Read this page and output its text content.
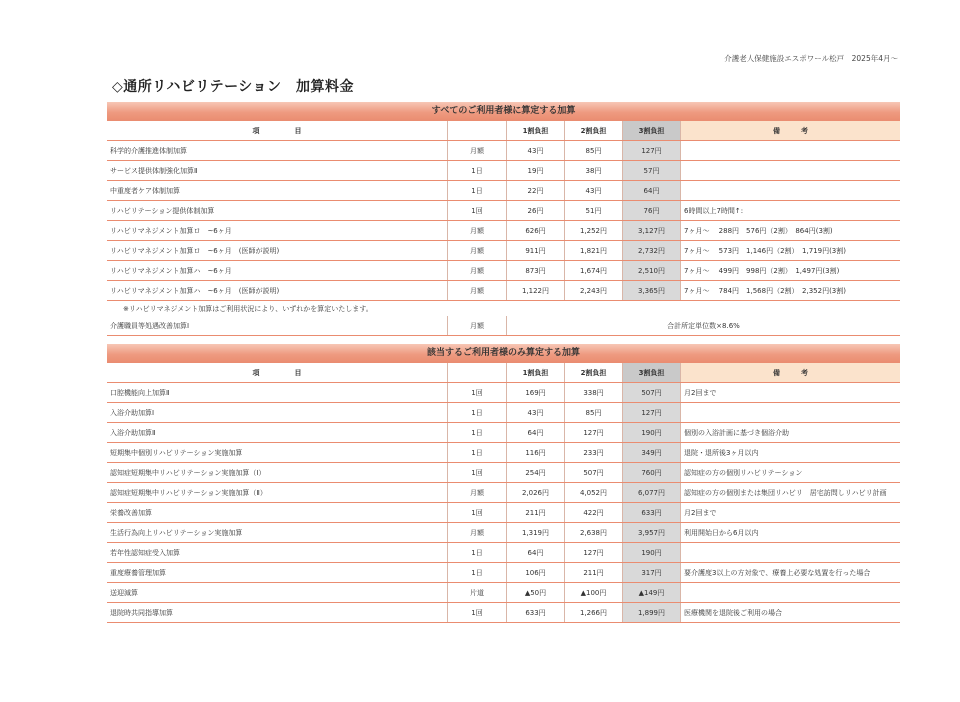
介護老人保健施設エスポワール松戸　2025年4月～
◇通所リハビリテーション　加算料金
すべてのご利用者様に算定する加算
項　　　　　目		1割負担	2割負担	3割負担	備　　　考
科学的介護推進体制加算	月額	43円	85円	127円	
サービス提供体制強化加算Ⅱ	1日	19円	38円	57円	
中重度者ケア体制加算	1日	22円	43円	64円	
リハビリテーション提供体制加算	1回	26円	51円	76円	6時間以上7時間↑:
リハビリマネジメント加算ロ　~6ヶ月	月額	626円	1,252円	3,127円	7ヶ月～　 288円　576円（2割）　864円(3割)
リハビリマネジメント加算ロ　~6ヶ月　(医師が説明)	月額	911円	1,821円	2,732円	7ヶ月～　 573円　1,146円（2割）　1,719円(3割)
リハビリマネジメント加算ハ　~6ヶ月	月額	873円	1,674円	2,510円	7ヶ月～　 499円　998円（2割）　1,497円(3割)
リハビリマネジメント加算ハ　~6ヶ月　(医師が説明)	月額	1,122円	2,243円	3,365円	7ヶ月～　 784円　1,568円（2割）　2,352円(3割)
※リハビリマネジメント加算はご利用状況により、いずれかを算定いたします。					
介護職員等処遇改善加算Ⅰ	月額	合計所定単位数×8.6%			
該当するご利用者様のみ算定する加算
項　　　　　目		1割負担	2割負担	3割負担	備　　　考
口腔機能向上加算Ⅱ	1回	169円	338円	507円	月2回まで
入浴介助加算Ⅰ	1日	43円	85円	127円	
入浴介助加算Ⅱ	1日	64円	127円	190円	個別の入浴計画に基づき個浴介助
短期集中個別リハビリテーション実施加算	1日	116円	233円	349円	退院・退所後3ヶ月以内
認知症短期集中リハビリテーション実施加算（Ⅰ）	1回	254円	507円	760円	認知症の方の個別リハビリテーション
認知症短期集中リハビリテーション実施加算（Ⅱ）	月額	2,026円	4,052円	6,077円	認知症の方の個別または集団リハビリ　居宅訪問しリハビリ計画
栄養改善加算	1回	211円	422円	633円	月2回まで
生活行為向上リハビリテーション実施加算	月額	1,319円	2,638円	3,957円	利用開始日から6月以内
若年性認知症受入加算	1日	64円	127円	190円	
重度療養管理加算	1日	106円	211円	317円	要介護度3以上の方対象で、療養上必要な処置を行った場合
送迎減算	片道	▲50円	▲100円	▲149円	
退院時共同指導加算	1回	633円	1,266円	1,899円	医療機関を退院後ご利用の場合
